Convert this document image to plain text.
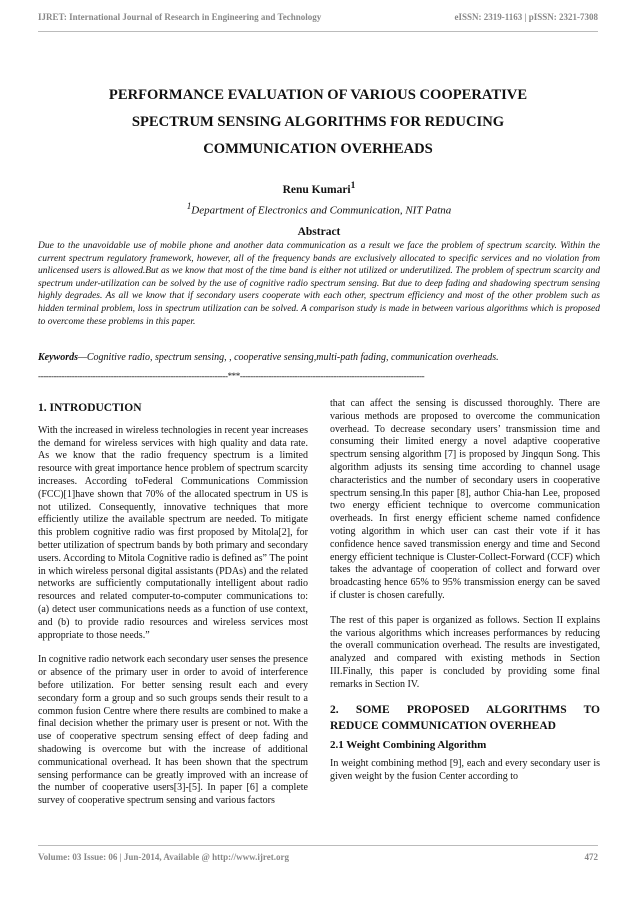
IJRET: International Journal of Research in Engineering and Technology	eISSN: 2319-1163 | pISSN: 2321-7308
PERFORMANCE EVALUATION OF VARIOUS COOPERATIVE
SPECTRUM SENSING ALGORITHMS FOR REDUCING
COMMUNICATION OVERHEADS
Renu Kumari$^1$
$^1$Department of Electronics and Communication, NIT Patna
Abstract
Due to the unavoidable use of mobile phone and another data communication as a result we face the problem of spectrum scarcity. Within the current spectrum regulatory framework, however, all of the frequency bands are exclusively allocated to specific services and no violation from unlicensed users is allowed.But as we know that most of the time band is either not utilized or underutilized. The problem of spectrum scarcity and spectrum under-utilization can be solved by the use of cognitive radio spectrum sensing. But due to deep fading and shadowing spectrum sensing highly degrades. As all we know that if secondary users cooperate with each other, spectrum efficiency and most of the other problem such as hidden terminal problem, loss in spectrum utilization can be solved. A comparison study is made in between various algorithms which is proposed to overcome these problems in this paper.
Keywords—Cognitive radio, spectrum sensing, , cooperative sensing,multi-path fading, communication overheads.
-------------------------------------------------------------------------***-----------------------------------------------------------------------
1. INTRODUCTION

With the increased in wireless technologies in recent year increases the demand for wireless services with high quality and data rate. As we know that the radio frequency spectrum is a limited resource with great importance hence problem of spectrum scarcity increases. According toFederal Communications Commission (FCC)[1]have shown that 70% of the allocated spectrum in US is not utilized. Consequently, innovative techniques that more efficiently utilize the available spectrum are needed. To mitigate this problem cognitive radio was first proposed by Mitola[2], for better utilization of spectrum bands by both primary and secondary users. According to Mitola Cognitive radio is defined as” The point in which wireless personal digital assistants (PDAs) and the related networks are sufficiently computationally intelligent about radio resources and related computer-to-computer communications to: (a) detect user communications needs as a function of use context, and (b) to provide radio resources and wireless services most appropriate to those needs.”

In cognitive radio network each secondary user senses the presence or absence of the primary user in order to avoid of interference before utilization. For better sensing result each and every secondary form a group and so such groups sends their result to a common fusion Centre where there results are combined to make a final decision whether the primary user is present or not. With the use of cooperative spectrum sensing effect of deep fading and shadowing is overcome but with the increase of additional communicational overhead. It has been shown that the spectrum sensing performance can be greatly improved with an increase of the number of cooperative users[3]-[5]. In paper [6] a complete survey of cooperative spectrum sensing and various factors

that can affect the sensing is discussed thoroughly. There are various methods are proposed to overcome the communication overhead. To decrease secondary users’ transmission time and consuming their limited energy a novel adaptive cooperative spectrum sensing algorithm [7] is proposed by Jingqun Song. This algorithm adjusts its sensing time according to channel usage characteristics and the number of secondary users in cooperative spectrum sensing.In this paper [8], author Chia-han Lee, proposed two energy efficient technique to overcome communication overheads. In first energy efficient scheme named confidence voting algorithm in which user can cast their vote if it has confidence hence saved transmission energy and time and Second energy efficient technique is Cluster-Collect-Forward (CCF) which takes the advantage of cooperation of collect and forward over broadcasting hence 65% to 95% transmission energy can be saved if cluster is chosen carefully.

The rest of this paper is organized as follows. Section II explains the various algorithms which increases performances by reducing the overall communication overhead. The results are investigated, analyzed and compared with existing methods in Section III.Finally, this paper is concluded by providing some final remarks in Section IV.

2. SOME PROPOSED ALGORITHMS TO
REDUCE COMMUNICATION OVERHEAD
2.1 Weight Combining Algorithm

In weight combining method [9], each and every secondary user is given weight by the fusion Center according to

Volume: 03 Issue: 06 | Jun-2014, Available @ http://www.ijret.org	472
